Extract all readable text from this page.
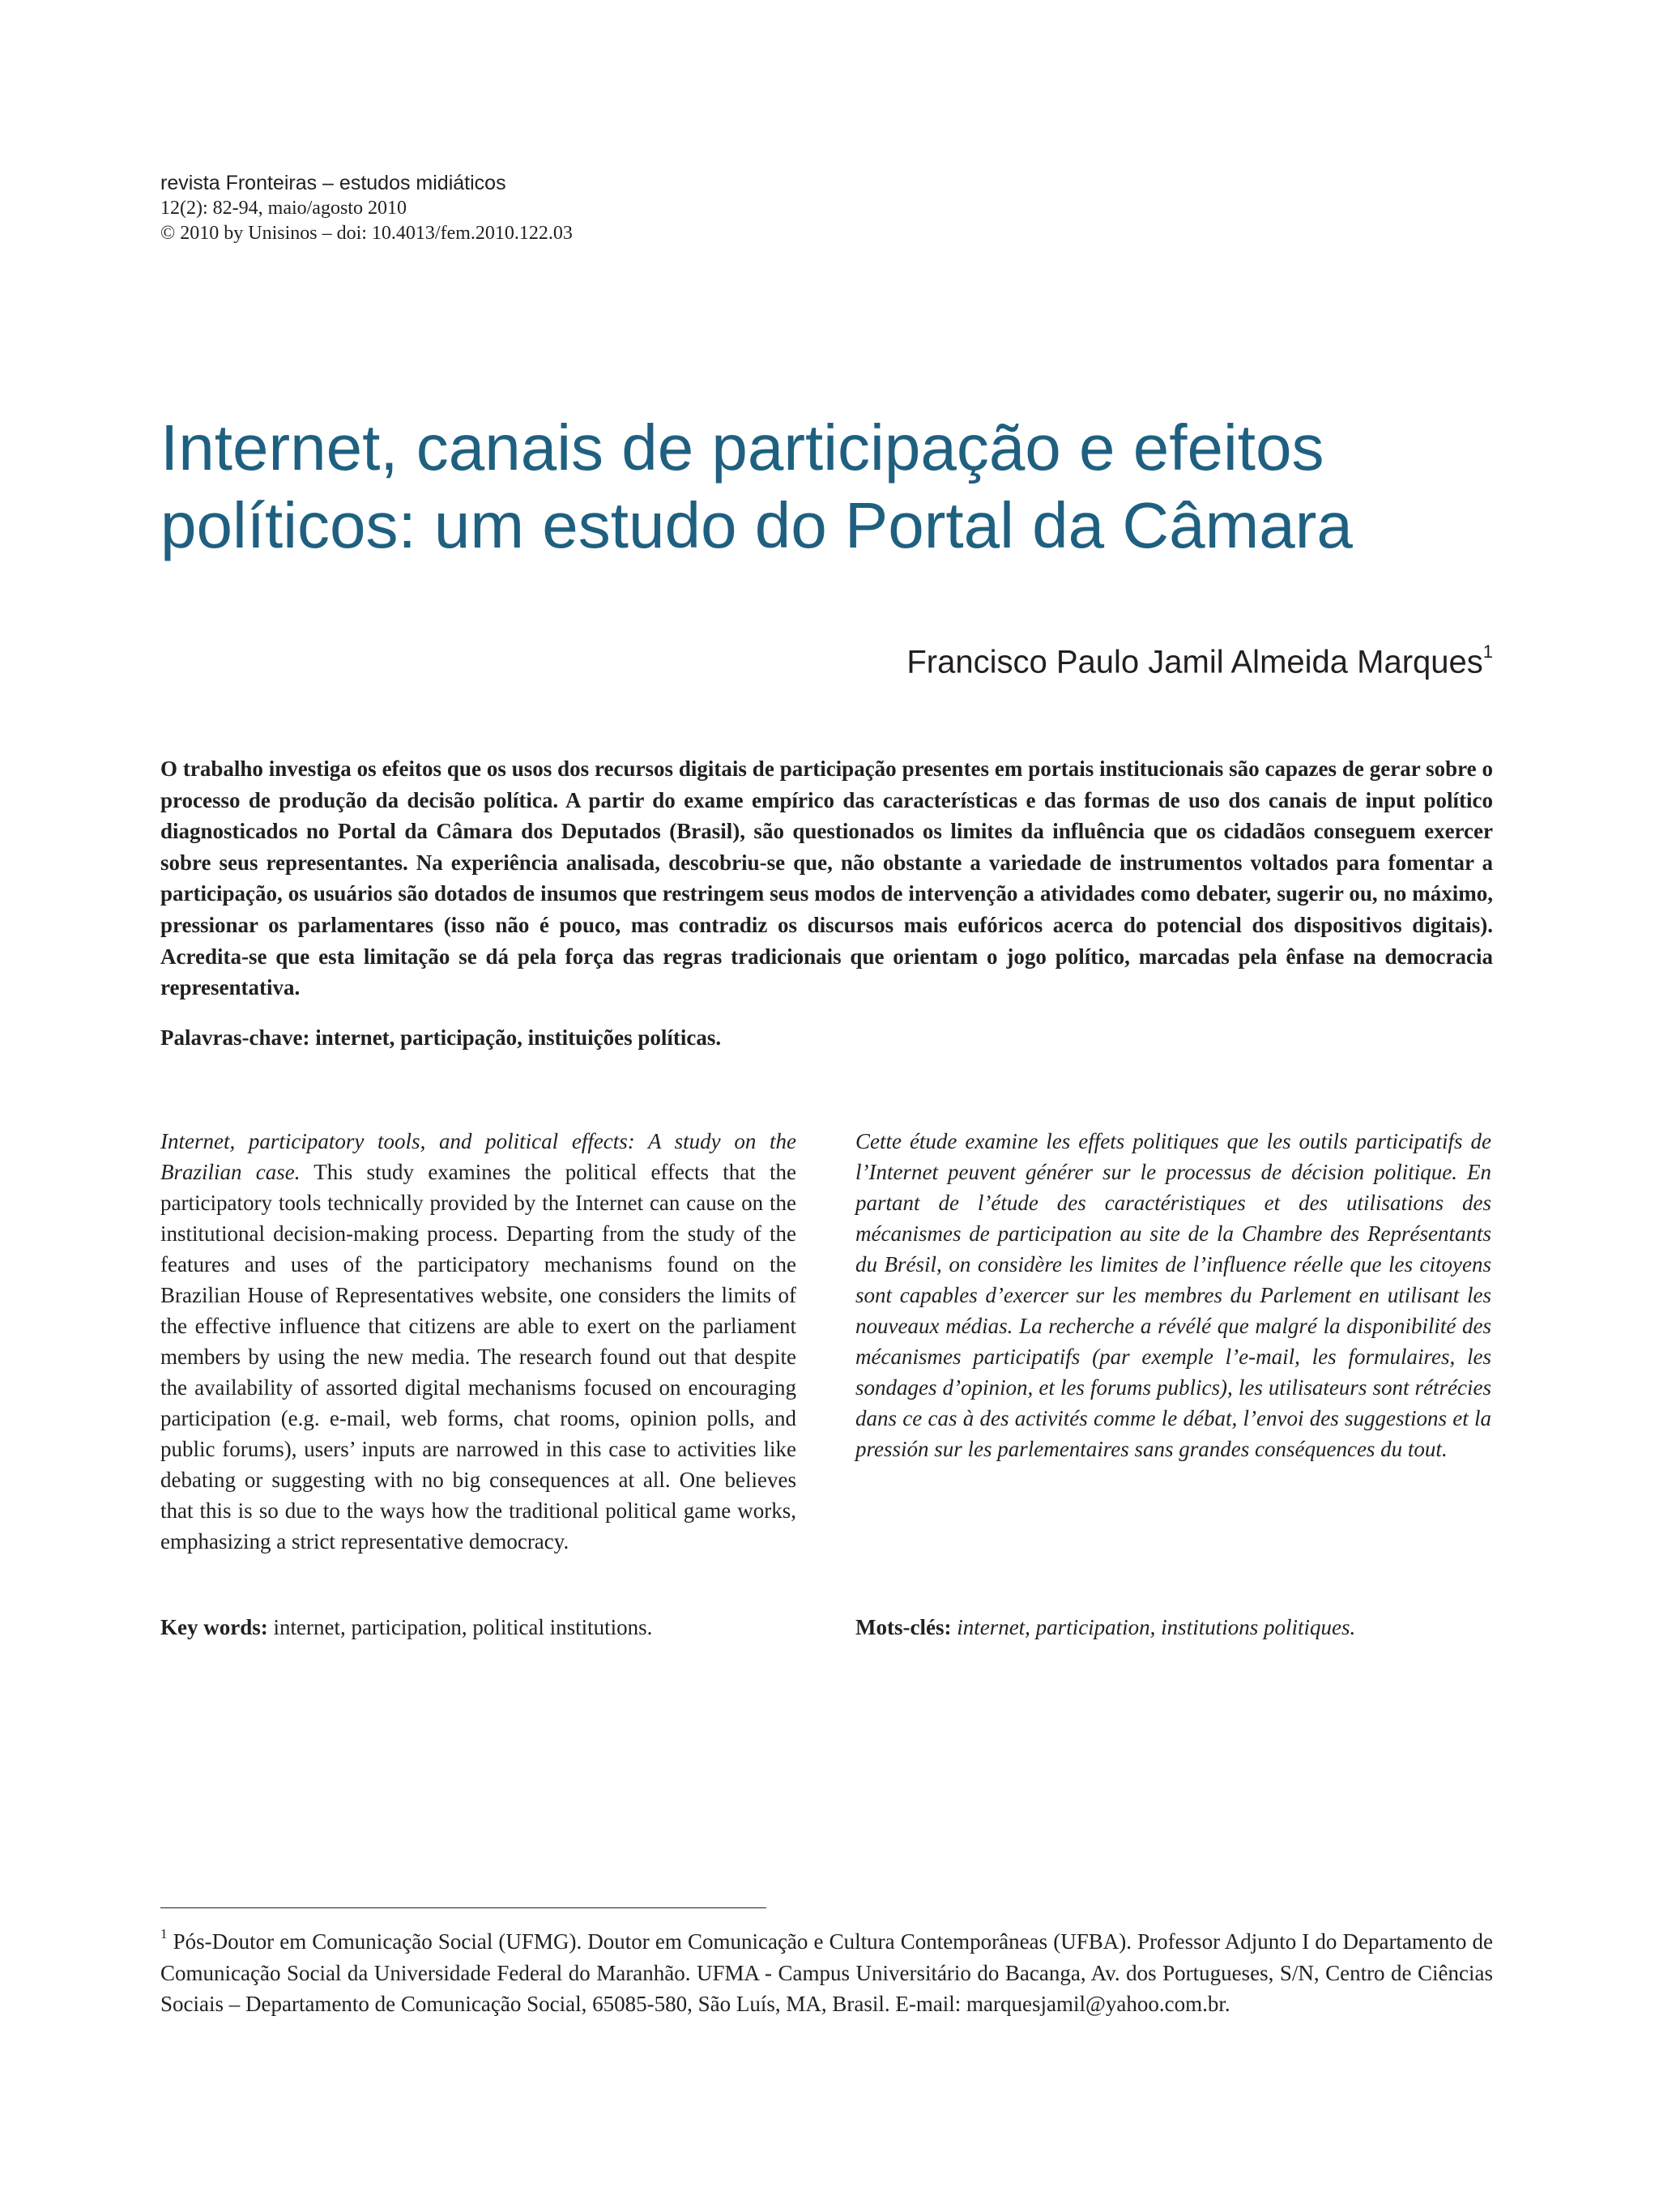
revista Fronteiras – estudos midiáticos
12(2): 82-94, maio/agosto 2010
© 2010 by Unisinos – doi: 10.4013/fem.2010.122.03
Internet, canais de participação e efeitos
políticos: um estudo do Portal da Câmara
Francisco Paulo Jamil Almeida Marques$^1$

O trabalho investiga os efeitos que os usos dos recursos digitais de participação presentes em portais institucionais são capazes de gerar sobre o processo de produção da decisão política. A partir do exame empírico das características e das formas de uso dos canais de input político diagnosticados no Portal da Câmara dos Deputados (Brasil), são questionados os limites da influência que os cidadãos conseguem exercer sobre seus representantes. Na experiência analisada, descobriu-se que, não obstante a variedade de instrumentos voltados para fomentar a participação, os usuários são dotados de insumos que restringem seus modos de intervenção a atividades como debater, sugerir ou, no máximo, pressionar os parlamentares (isso não é pouco, mas contradiz os discursos mais eufóricos acerca do potencial dos dispositivos digitais). Acredita-se que esta limitação se dá pela força das regras tradicionais que orientam o jogo político, marcadas pela ênfase na democracia representativa.

Palavras-chave: internet, participação, instituições políticas.

Internet, participatory tools, and political effects: A study on the Brazilian case. This study examines the political effects that the participatory tools technically provided by the Internet can cause on the institutional decision-making process. Departing from the study of the features and uses of the participatory mechanisms found on the Brazilian House of Representatives website, one considers the limits of the effective influence that citizens are able to exert on the parliament members by using the new media. The research found out that despite the availability of assorted digital mechanisms focused on encouraging participation (e.g. e-mail, web forms, chat rooms, opinion polls, and public forums), users’ inputs are narrowed in this case to activities like debating or suggesting with no big consequences at all. One believes that this is so due to the ways how the traditional political game works, emphasizing a strict representative democracy.

Cette étude examine les effets politiques que les outils participatifs de l’Internet peuvent générer sur le processus de décision politique. En partant de l’étude des caractéristiques et des utilisations des mécanismes de participation au site de la Chambre des Représentants du Brésil, on considère les limites de l’influence réelle que les citoyens sont capables d’exercer sur les membres du Parlement en utilisant les nouveaux médias. La recherche a révélé que malgré la disponibilité des mécanismes participatifs (par exemple l’e-mail, les formulaires, les sondages d’opinion, et les forums publics), les utilisateurs sont rétrécies dans ce cas à des activités comme le débat, l’envoi des suggestions et la pressión sur les parlementaires sans grandes conséquences du tout.

Key words: internet, participation, political institutions.	Mots-clés: internet, participation, institutions politiques.

$^1$ Pós-Doutor em Comunicação Social (UFMG). Doutor em Comunicação e Cultura Contemporâneas (UFBA). Professor Adjunto I do Departamento de Comunicação Social da Universidade Federal do Maranhão. UFMA - Campus Universitário do Bacanga, Av. dos Portugueses, S/N, Centro de Ciências Sociais – Departamento de Comunicação Social, 65085-580, São Luís, MA, Brasil. E-mail: marquesjamil@yahoo.com.br.
